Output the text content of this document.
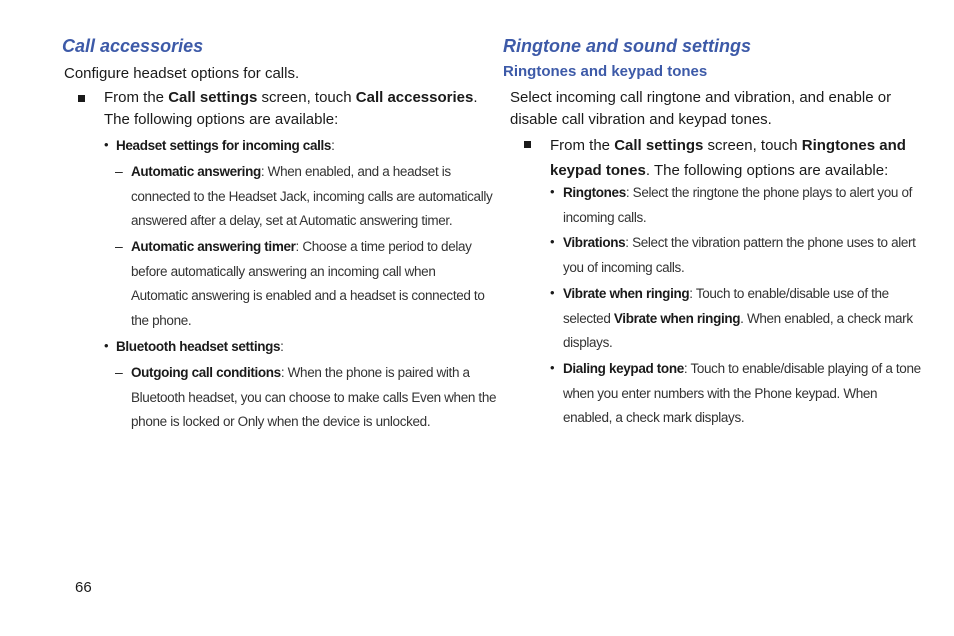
Call accessories
Configure headset options for calls.
From the Call settings screen, touch Call accessories.
The following options are available:
• Headset settings for incoming calls:
– Automatic answering: When enabled, and a headset is
connected to the Headset Jack, incoming calls are automatically
answered after a delay, set at Automatic answering timer.
– Automatic answering timer: Choose a time period to delay
before automatically answering an incoming call when
Automatic answering is enabled and a headset is connected to
the phone.
• Bluetooth headset settings:
– Outgoing call conditions: When the phone is paired with a
Bluetooth headset, you can choose to make calls Even when the
phone is locked or Only when the device is unlocked.
Ringtone and sound settings
Ringtones and keypad tones
Select incoming call ringtone and vibration, and enable or
disable call vibration and keypad tones.
From the Call settings screen, touch Ringtones and
keypad tones. The following options are available:
• Ringtones: Select the ringtone the phone plays to alert you of
incoming calls.
• Vibrations: Select the vibration pattern the phone uses to alert
you of incoming calls.
• Vibrate when ringing: Touch to enable/disable use of the
selected Vibrate when ringing. When enabled, a check mark
displays.
• Dialing keypad tone: Touch to enable/disable playing of a tone
when you enter numbers with the Phone keypad. When
enabled, a check mark displays.
66
